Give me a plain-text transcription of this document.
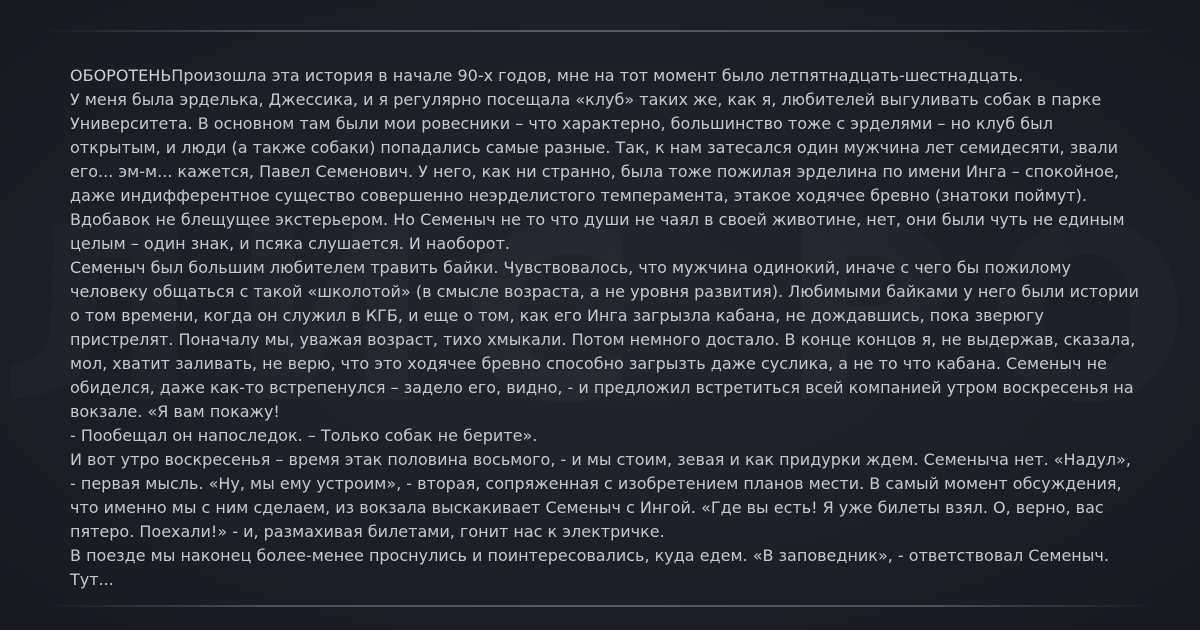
ОБОРОТЕНЬПроизошла эта история в начале 90-х годов, мне на тот момент было летпятнадцать-шестнадцать.

У меня была эрделька, Джессика, и я регулярно посещала «клуб» таких же, как я, любителей выгуливать собак в парке Университета. В основном там были мои ровесники – что характерно, большинство тоже с эрделями – но клуб был открытым, и люди (а также собаки) попадались самые разные. Так, к нам затесался один мужчина лет семидесяти, звали его... эм-м... кажется, Павел Семенович. У него, как ни странно, была тоже пожилая эрделина по имени Инга – спокойное, даже индифферентное существо совершенно неэрделистого темперамента, этакое ходячее бревно (знатоки поймут). Вдобавок не блещущее экстерьером. Но Семеныч не то что души не чаял в своей животине, нет, они были чуть не единым целым – один знак, и псяка слушается. И наоборот.

Семеныч был большим любителем травить байки. Чувствовалось, что мужчина одинокий, иначе с чего бы пожилому человеку общаться с такой «школотой» (в смысле возраста, а не уровня развития). Любимыми байками у него были истории о том времени, когда он служил в КГБ, и еще о том, как его Инга загрызла кабана, не дождавшись, пока зверюгу пристрелят. Поначалу мы, уважая возраст, тихо хмыкали. Потом немного достало. В конце концов я, не выдержав, сказала, мол, хватит заливать, не верю, что это ходячее бревно способно загрызть даже суслика, а не то что кабана. Семеныч не обиделся, даже как-то встрепенулся – задело его, видно, - и предложил встретиться всей компанией утром воскресенья на вокзале. «Я вам покажу!

- Пообещал он напоследок. – Только собак не берите».

И вот утро воскресенья – время этак половина восьмого, - и мы стоим, зевая и как придурки ждем. Семеныча нет. «Надул», - первая мысль. «Ну, мы ему устроим», - вторая, сопряженная с изобретением планов мести. В самый момент обсуждения, что именно мы с ним сделаем, из вокзала выскакивает Семеныч с Ингой. «Где вы есть! Я уже билеты взял. О, верно, вас пятеро. Поехали!» - и, размахивая билетами, гонит нас к электричке.

В поезде мы наконец более-менее проснулись и поинтересовались, куда едем. «В заповедник», - ответствовал Семеныч. Тут...
